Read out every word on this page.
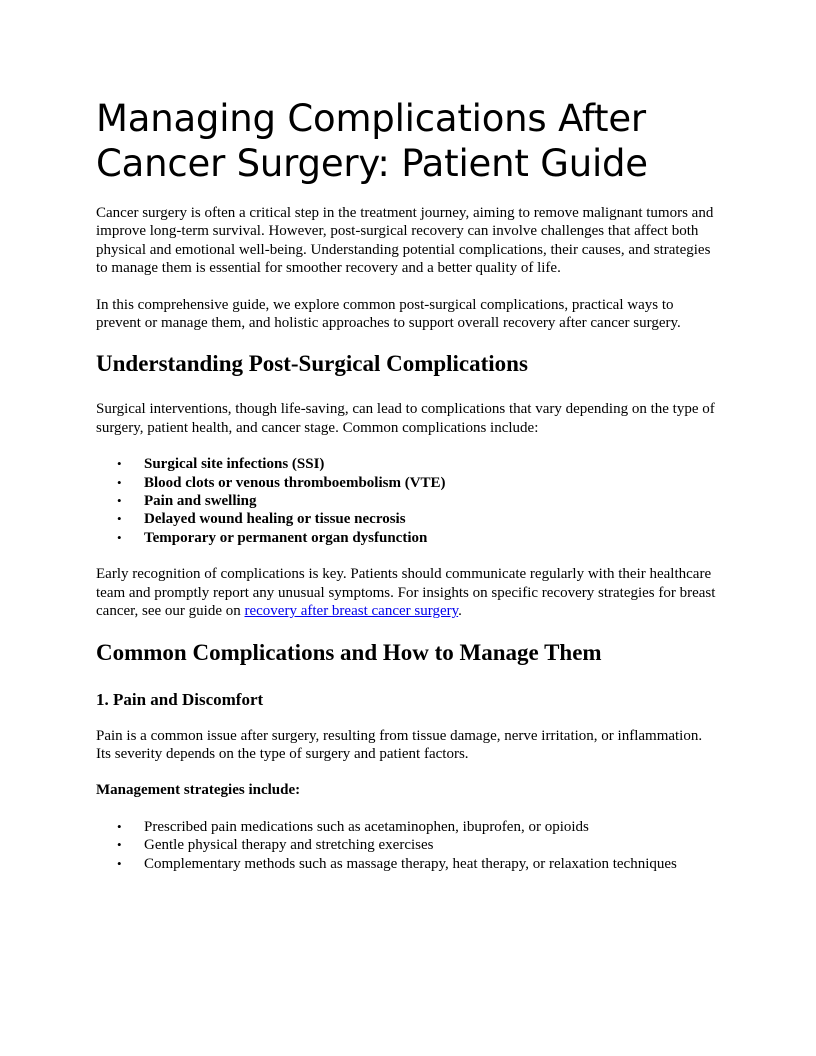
Managing Complications After Cancer Surgery: Patient Guide

Cancer surgery is often a critical step in the treatment journey, aiming to remove malignant tumors and improve long-term survival. However, post-surgical recovery can involve challenges that affect both physical and emotional well-being. Understanding potential complications, their causes, and strategies to manage them is essential for smoother recovery and a better quality of life.

In this comprehensive guide, we explore common post-surgical complications, practical ways to prevent or manage them, and holistic approaches to support overall recovery after cancer surgery.

Understanding Post-Surgical Complications

Surgical interventions, though life-saving, can lead to complications that vary depending on the type of surgery, patient health, and cancer stage. Common complications include:

• Surgical site infections (SSI)
• Blood clots or venous thromboembolism (VTE)
• Pain and swelling
• Delayed wound healing or tissue necrosis
• Temporary or permanent organ dysfunction

Early recognition of complications is key. Patients should communicate regularly with their healthcare team and promptly report any unusual symptoms. For insights on specific recovery strategies for breast cancer, see our guide on recovery after breast cancer surgery.

Common Complications and How to Manage Them
1. Pain and Discomfort

Pain is a common issue after surgery, resulting from tissue damage, nerve irritation, or inflammation. Its severity depends on the type of surgery and patient factors.

Management strategies include:

• Prescribed pain medications such as acetaminophen, ibuprofen, or opioids
• Gentle physical therapy and stretching exercises
• Complementary methods such as massage therapy, heat therapy, or relaxation techniques
